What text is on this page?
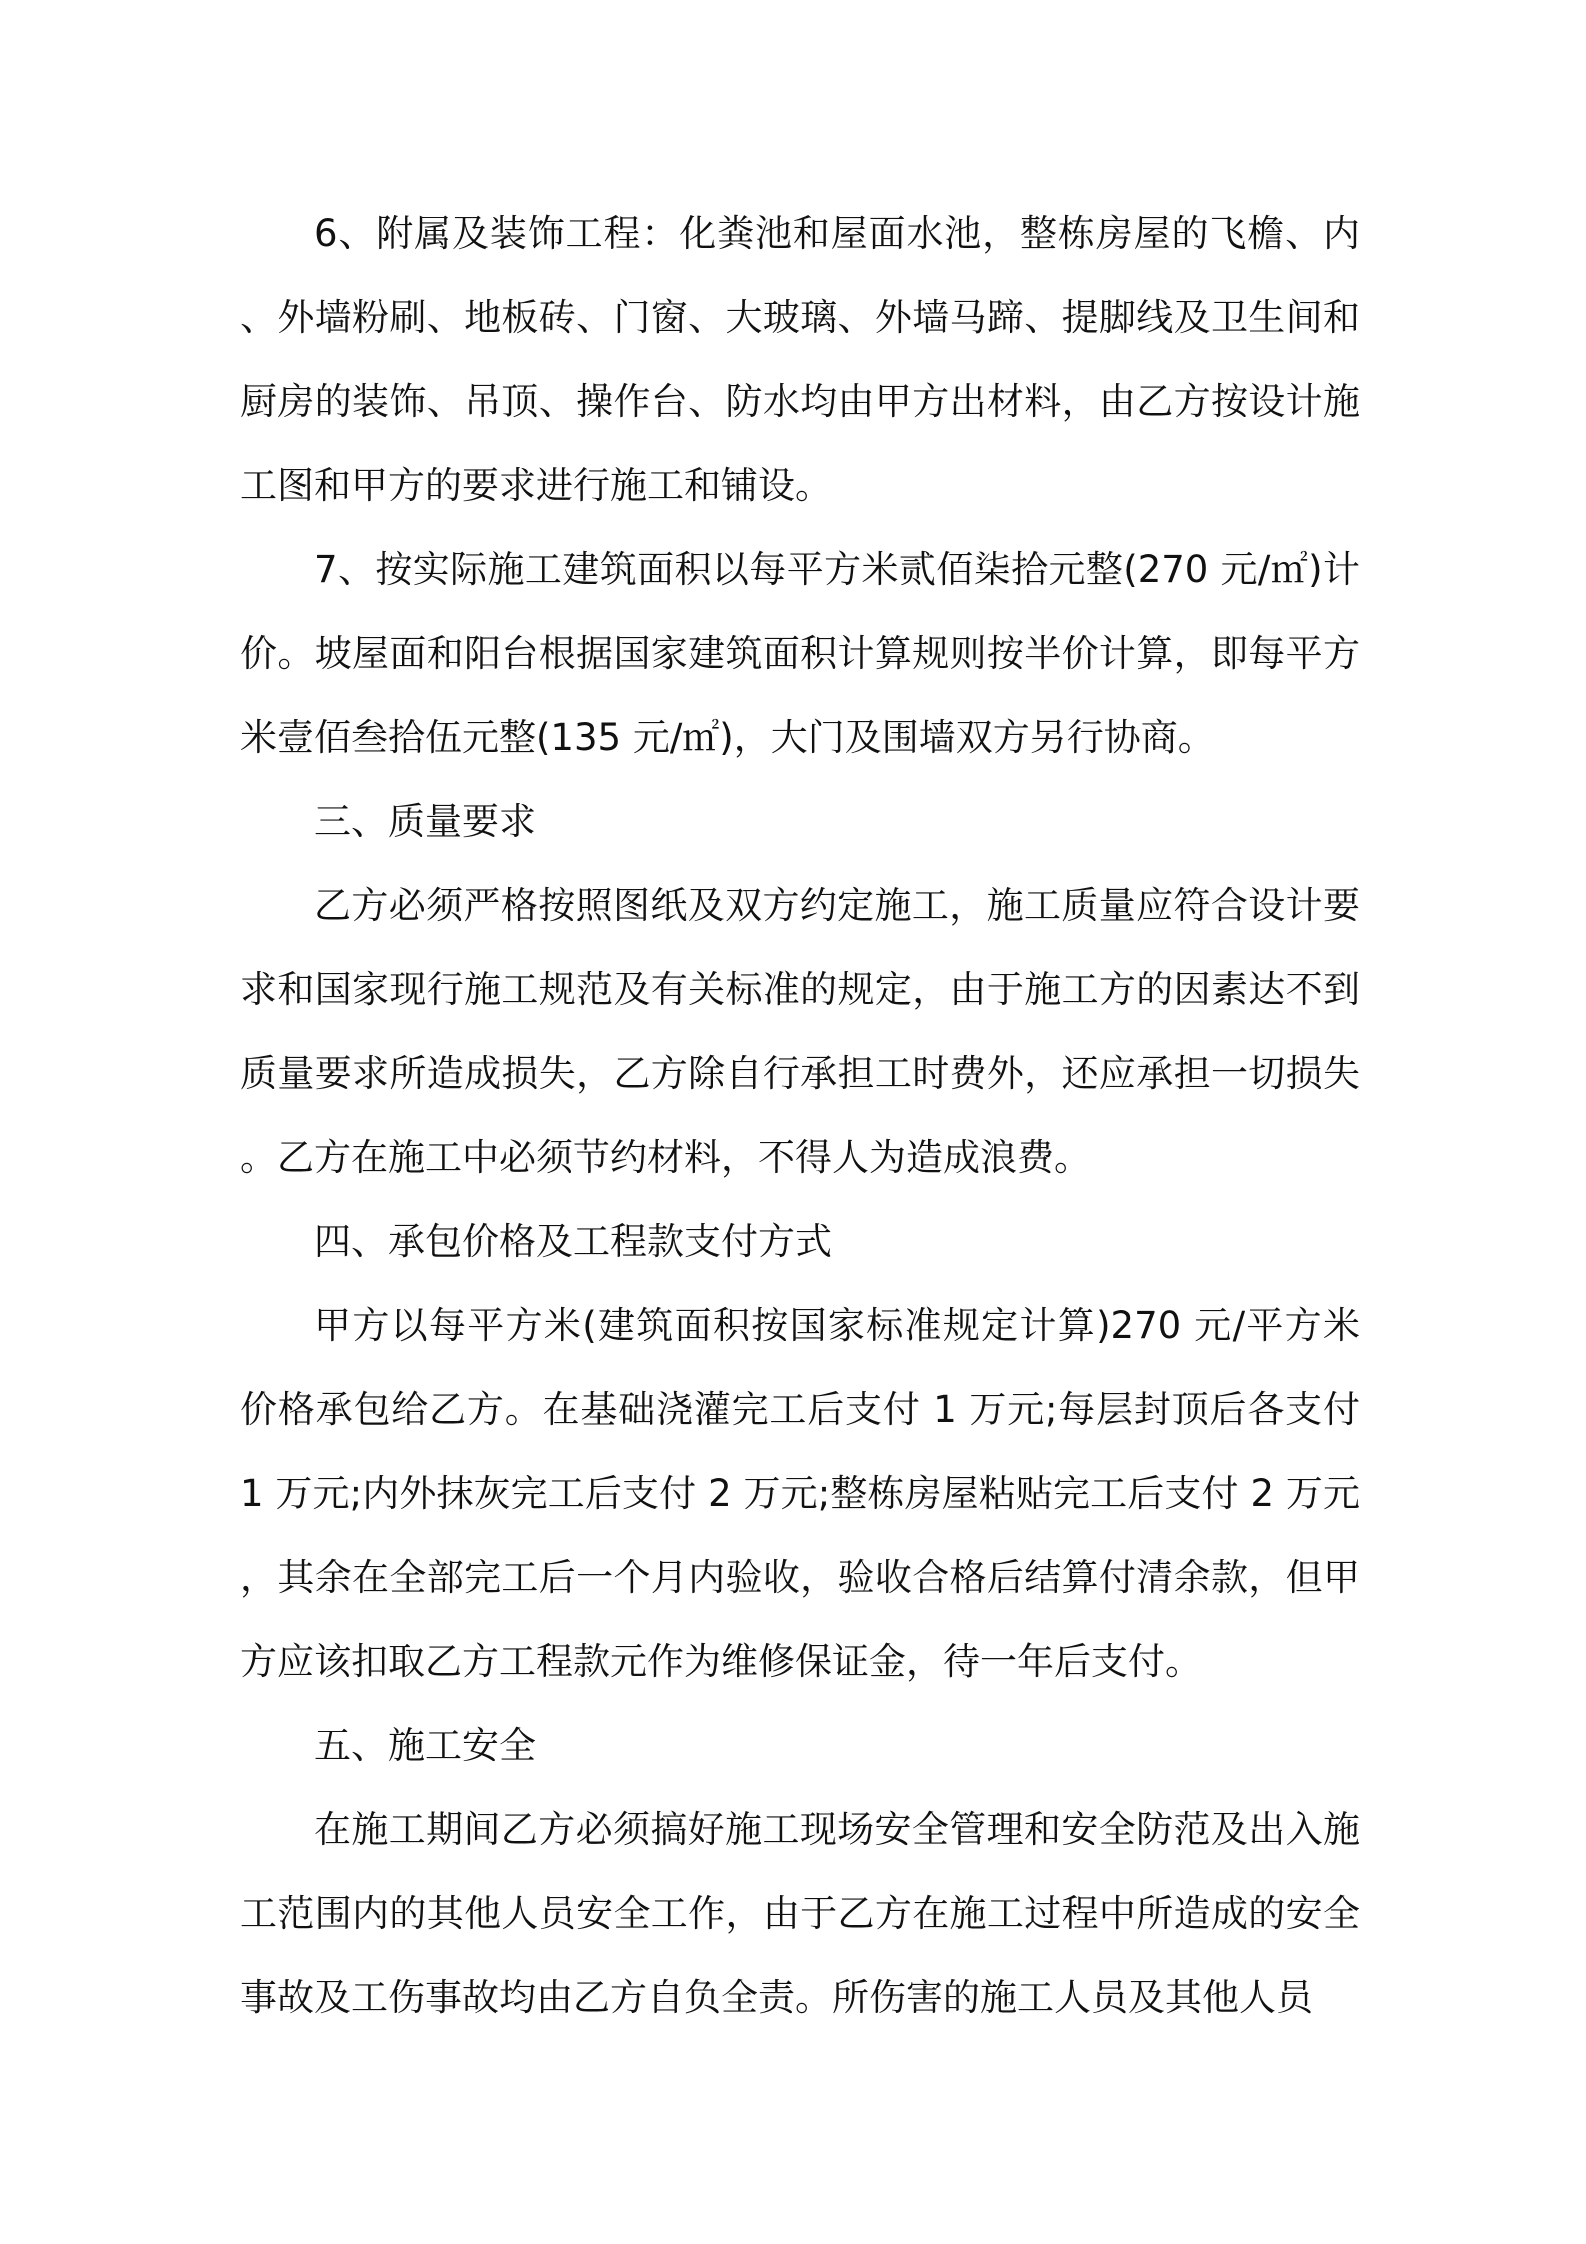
6、附属及装饰工程：化粪池和屋面水池，整栋房屋的飞檐、内、外墙粉刷、地板砖、门窗、大玻璃、外墙马蹄、提脚线及卫生间和厨房的装饰、吊顶、操作台、防水均由甲方出材料，由乙方按设计施工图和甲方的要求进行施工和铺设。

7、按实际施工建筑面积以每平方米贰佰柒拾元整(270 元/㎡)计价。坡屋面和阳台根据国家建筑面积计算规则按半价计算，即每平方米壹佰叁拾伍元整(135 元/㎡)，大门及围墙双方另行协商。

三、质量要求

乙方必须严格按照图纸及双方约定施工，施工质量应符合设计要求和国家现行施工规范及有关标准的规定，由于施工方的因素达不到质量要求所造成损失，乙方除自行承担工时费外，还应承担一切损失。乙方在施工中必须节约材料，不得人为造成浪费。

四、承包价格及工程款支付方式

甲方以每平方米(建筑面积按国家标准规定计算)270 元/平方米价格承包给乙方。在基础浇灌完工后支付 1 万元;每层封顶后各支付 1 万元;内外抹灰完工后支付 2 万元;整栋房屋粘贴完工后支付 2 万元，其余在全部完工后一个月内验收，验收合格后结算付清余款，但甲方应该扣取乙方工程款元作为维修保证金，待一年后支付。

五、施工安全

在施工期间乙方必须搞好施工现场安全管理和安全防范及出入施工范围内的其他人员安全工作，由于乙方在施工过程中所造成的安全事故及工伤事故均由乙方自负全责。所伤害的施工人员及其他人员
